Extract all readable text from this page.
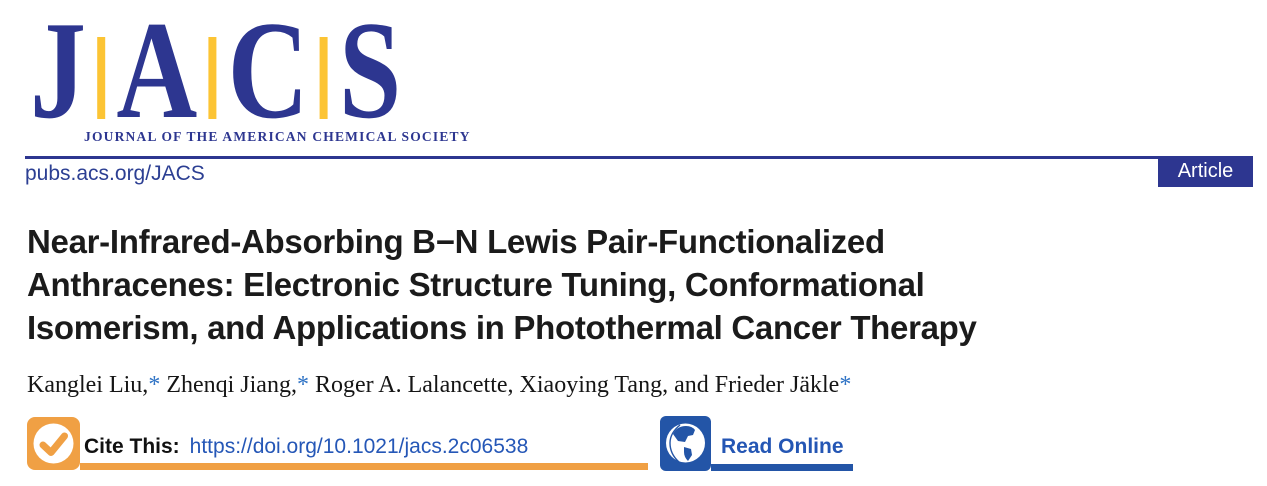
J A C S
JOURNAL OF THE AMERICAN CHEMICAL SOCIETY
pubs.acs.org/JACS	Article
Near-Infrared-Absorbing B−N Lewis Pair-Functionalized
Anthracenes: Electronic Structure Tuning, Conformational
Isomerism, and Applications in Photothermal Cancer Therapy

Kanglei Liu,* Zhenqi Jiang,* Roger A. Lalancette, Xiaoying Tang, and Frieder Jäkle*

Cite This: https://doi.org/10.1021/jacs.2c06538	Read Online
